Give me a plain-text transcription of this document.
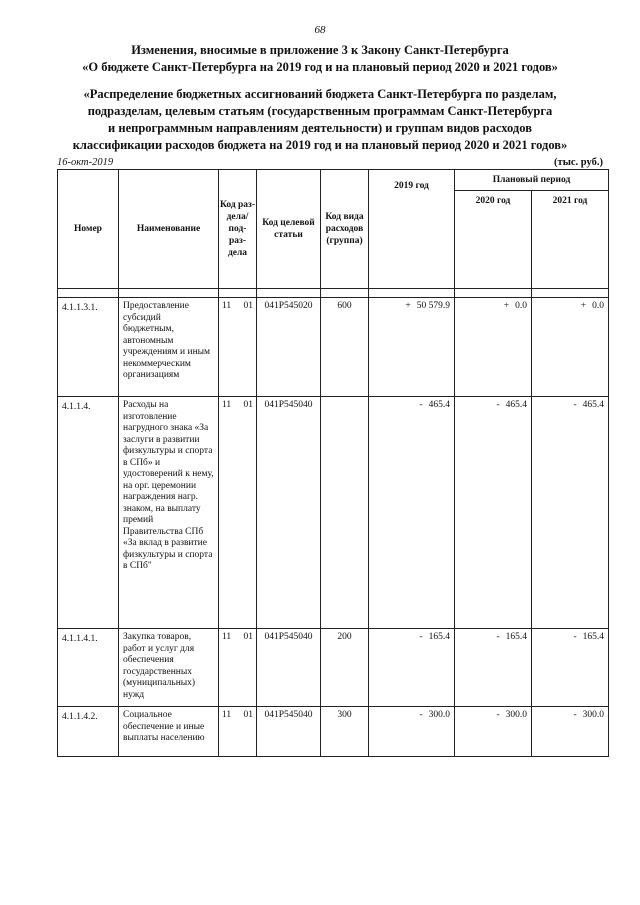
68
Изменения, вносимые в приложение 3 к Закону Санкт-Петербурга
«О бюджете Санкт-Петербурга на 2019 год и на плановый период 2020 и 2021 годов»
«Распределение бюджетных ассигнований бюджета Санкт-Петербурга по разделам,
подразделам, целевым статьям (государственным программам Санкт-Петербурга
и непрограммным направлениям деятельности) и группам видов расходов
классификации расходов бюджета на 2019 год и на плановый период 2020 и 2021 годов»
16-окт-2019	(тыс. руб.)
Номер	Наименование	Код раз- дела/ под- раз- дела	Код целевой статьи	Код вида расходов (группа)	2019 год	Плановый период	
						2020 год	2021 год

4.1.1.3.1.	Предоставление субсидий бюджетным, автономным учреждениям и иным некоммерческим организациям	11 01	041Р545020	600	+ 50 579.9	+ 0.0	+ 0.0
4.1.1.4.	Расходы на изготовление нагрудного знака «За заслуги в развитии физкультуры и спорта в СПб» и удостоверений к нему, на орг. церемонии награждения нагр. знаком, на выплату премий Правительства СПб «За вклад в развитие физкультуры и спорта в СПб"	11 01	041Р545040		- 465.4	- 465.4	- 465.4
4.1.1.4.1.	Закупка товаров, работ и услуг для обеспечения государственных (муниципальных) нужд	11 01	041Р545040	200	- 165.4	- 165.4	- 165.4
4.1.1.4.2.	Социальное обеспечение и иные выплаты населению	11 01	041Р545040	300	- 300.0	- 300.0	- 300.0
